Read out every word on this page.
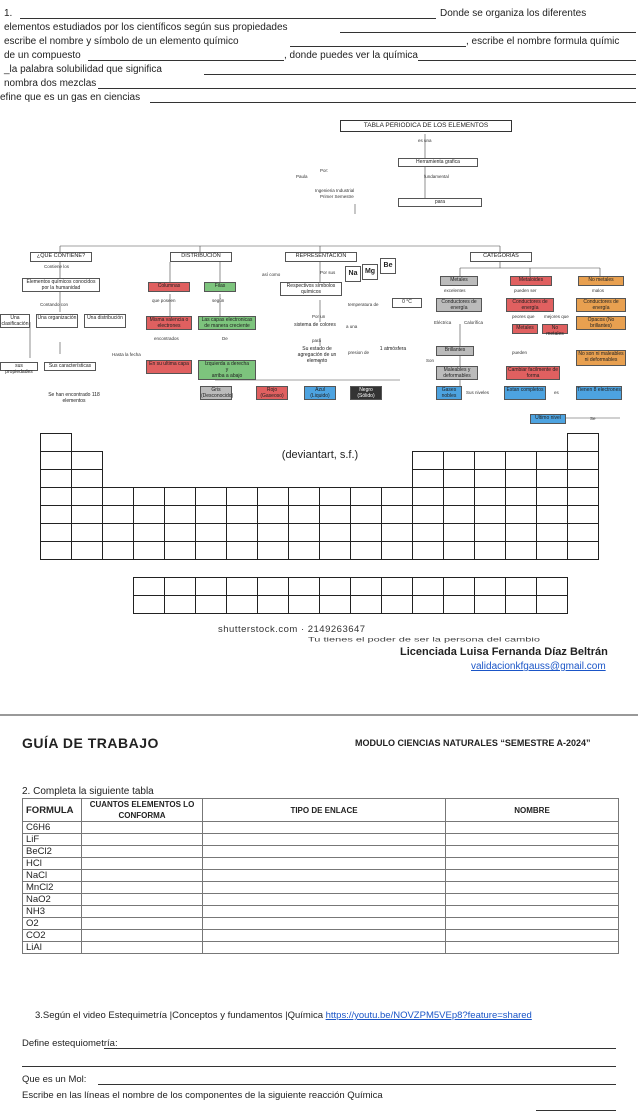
1.	Donde se organiza los diferentes
elementos estudiados por los científicos según sus propiedades
escribe el nombre y símbolo de un elemento químico	, escribe el nombre formula químic
de un compuesto	, donde puedes ver la química
_la palabra solubilidad que significa
nombra dos mezclas
efine que es un gas en ciencias
TABLA PERIODICA DE LOS ELEMENTOS
es una
Herramienta grafica
Por:
Paula	fundamental
Ingenieria Industrial
Primer Semestre
para
¿QUE CONTIENE?	DISTRIBUCIÓN	REPRESENTACIÓN	CATEGORIAS
Contiene los
Elementos químicos conocidos por la humanidad
Contando con
Una clasificación
Una organización	Una distribución
sus propiedades
Sus características
Hasta la fecha
Se han encontrado 118 elementos
Columnas	Filas
que poseen	según
Misma valencia o electrones
Las capas electronicas de manera creciente
encontrados	De
En su ultima capa	Izquierda a derecha
y
arriba a abajo
así como	Por sus
Respectivos símbolos químicos
Na	Mg
Be
temperatura de	0 °C
Por un
sistema de colores	a una
para
Su estado de agregación de un elemento
presion de
1 atmósfera
Gris
(Desconocido)
Rojo
(Gaseoso)
Azul
(Liquido)
Negro
(Sólido)
Metales	Metaloides	No metales
excelentes	pueden ser	malos
Conductores de energía
Conductores de energía
Conductores de energía
Eléctrica	Calorífica
peores que mejores que
Metales	No metales
Opacos (No brillantes)
Brillantes
Son
pueden
Maleables y deformables
Cambiar facilmente de forma
No son ni maleables ni deformables
Gases nobles
Sus niveles	Estan completos	es	Tienen 8 electrones
Ultimo nivel	Se
(deviantart, s.f.)
shutterstock.com · 2149263647
Tu tienes el poder de ser la persona del cambio
Licenciada Luisa Fernanda Díaz Beltrán
validacionkfgauss@gmail.com
GUÍA DE TRABAJO	MODULO CIENCIAS NATURALES “SEMESTRE A-2024”
2. Completa la siguiente tabla
FORMULA	CUANTOS ELEMENTOS LO CONFORMA	TIPO DE ENLACE	NOMBRE
C6H6			
LiF			
BeCl2			
HCl			
NaCl			
MnCl2			
NaO2			
NH3			
O2			
CO2			
LiAl			
3.Según el video Estequimetría |Conceptos y fundamentos |Química https://youtu.be/NOVZPM5VEp8?feature=shared
Define estequiometría:
Que es un Mol:
Escribe en las líneas el nombre de los componentes de la siguiente reacción Química
